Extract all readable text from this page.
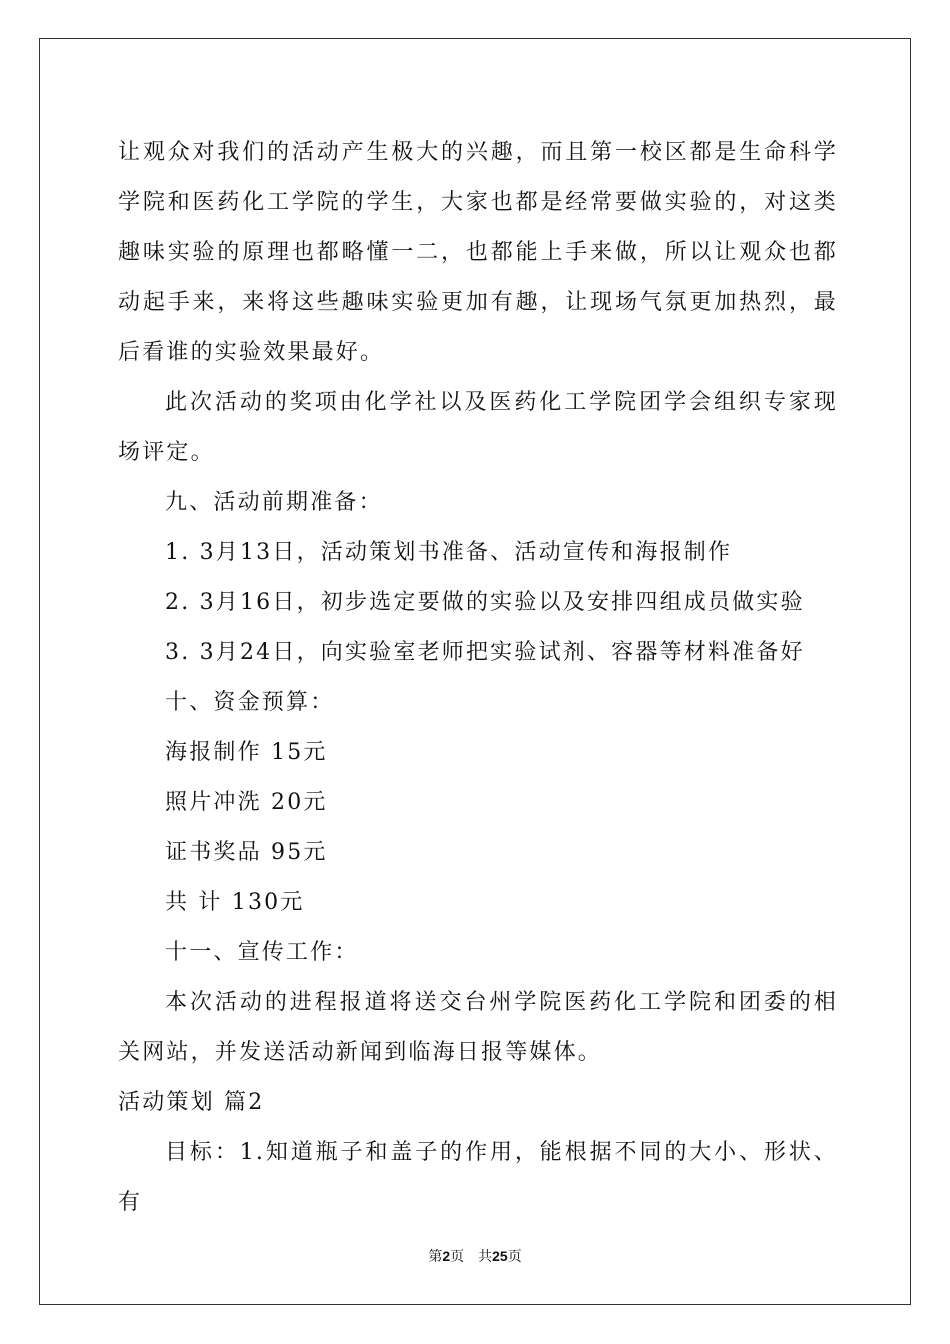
让观众对我们的活动产生极大的兴趣，而且第一校区都是生命科学学院和医药化工学院的学生，大家也都是经常要做实验的，对这类趣味实验的原理也都略懂一二，也都能上手来做，所以让观众也都动起手来，来将这些趣味实验更加有趣，让现场气氛更加热烈，最后看谁的实验效果最好。

此次活动的奖项由化学社以及医药化工学院团学会组织专家现场评定。

九、活动前期准备：

1. 3月13日，活动策划书准备、活动宣传和海报制作

2. 3月16日，初步选定要做的实验以及安排四组成员做实验

3. 3月24日，向实验室老师把实验试剂、容器等材料准备好

十、资金预算：

海报制作 15元

照片冲洗 20元

证书奖品 95元

共 计 130元

十一、宣传工作：

本次活动的进程报道将送交台州学院医药化工学院和团委的相关网站，并发送活动新闻到临海日报等媒体。

活动策划 篇2

目标：1.知道瓶子和盖子的作用，能根据不同的大小、形状、有

第2页　共25页
